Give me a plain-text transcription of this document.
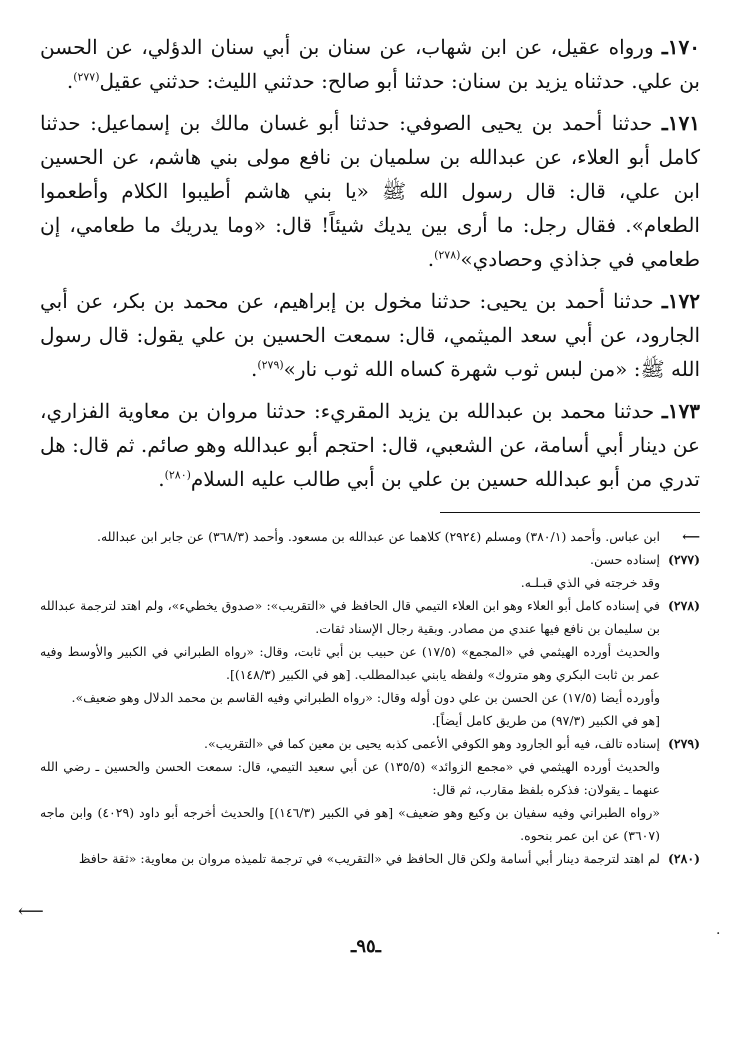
١٧٠ـ ورواه عقيل، عن ابن شهاب، عن سنان بن أبي سنان الدؤلي، عن الحسن بن علي. حدثناه يزيد بن سنان: حدثنا أبو صالح: حدثني الليث: حدثني عقيل$^{(٢٧٧)}$.

١٧١ـ حدثنا أحمد بن يحيى الصوفي: حدثنا أبو غسان مالك بن إسماعيل: حدثنا كامل أبو العلاء، عن عبدالله بن سلميان بن نافع مولى بني هاشم، عن الحسين ابن علي، قال: قال رسول الله ﷺ «يا بني هاشم أطيبوا الكلام وأطعموا الطعام». فقال رجل: ما أرى بين يديك شيئاً! قال: «وما يدريك ما طعامي، إن طعامي في جذاذي وحصادي»$^{(٢٧٨)}$.

١٧٢ـ حدثنا أحمد بن يحيى: حدثنا مخول بن إبراهيم، عن محمد بن بكر، عن أبي الجارود، عن أبي سعد الميثمي، قال: سمعت الحسين بن علي يقول: قال رسول الله ﷺ: «من لبس ثوب شهرة كساه الله ثوب نار»$^{(٢٧٩)}$.

١٧٣ـ حدثنا محمد بن عبدالله بن يزيد المقريء: حدثنا مروان بن معاوية الفزاري، عن دينار أبي أسامة، عن الشعبي، قال: احتجم أبو عبدالله وهو صائم. ثم قال: هل تدري من أبو عبدالله حسين بن علي بن أبي طالب عليه السلام$^{(٢٨٠)}$.

⟵
ابن عباس. وأحمد (٣٨٠/١) ومسلم (٢٩٢٤) كلاهما عن عبدالله بن مسعود. وأحمد (٣٦٨/٣) عن جابر ابن عبدالله.
(٢٧٧)
إسناده حسن.
وقد خرجته في الذي قبـلـه.
(٢٧٨)
في إسناده كامل أبو العلاء وهو ابن العلاء التيمي قال الحافظ في «التقريب»: «صدوق يخطيء»، ولم اهتد لترجمة عبدالله بن سليمان بن نافع فيها عندي من مصادر. وبقية رجال الإسناد ثقات.
والحديث أورده الهيثمي في «المجمع» (١٧/٥) عن حبيب بن أبي ثابت، وقال: «رواه الطبراني في الكبير والأوسط وفيه عمر بن ثابت البكري وهو متروك» ولفظه يابني عبدالمطلب. [هو في الكبير (١٤٨/٣)].
وأورده أيضا (١٧/٥) عن الحسن بن علي دون أوله وقال: «رواه الطبراني وفيه القاسم بن محمد الدلال وهو ضعيف».
[هو في الكبير (٩٧/٣) من طريق كامل أيضاً].
(٢٧٩)
إسناده تالف، فيه أبو الجارود وهو الكوفي الأعمى كذبه يحيى بن معين كما في «التقريب».
والحديث أورده الهيثمي في «مجمع الزوائد» (١٣٥/٥) عن أبي سعيد التيمي، قال: سمعت الحسن والحسين ـ رضي الله عنهما ـ يقولان: فذكره بلفظ مقارب، ثم قال:
«رواه الطبراني وفيه سفيان بن وكيع وهو ضعيف» [هو في الكبير (١٤٦/٣)] والحديث أخرجه أبو داود (٤٠٢٩) وابن ماجه (٣٦٠٧) عن ابن عمر بنحوه.
(٢٨٠)
لم اهتد لترجمة دينار أبي أسامة ولكن قال الحافظ في «التقريب» في ترجمة تلميذه مروان بن معاوية: «ثقة حافظ
⟵
ـ٩٥ـ
·
